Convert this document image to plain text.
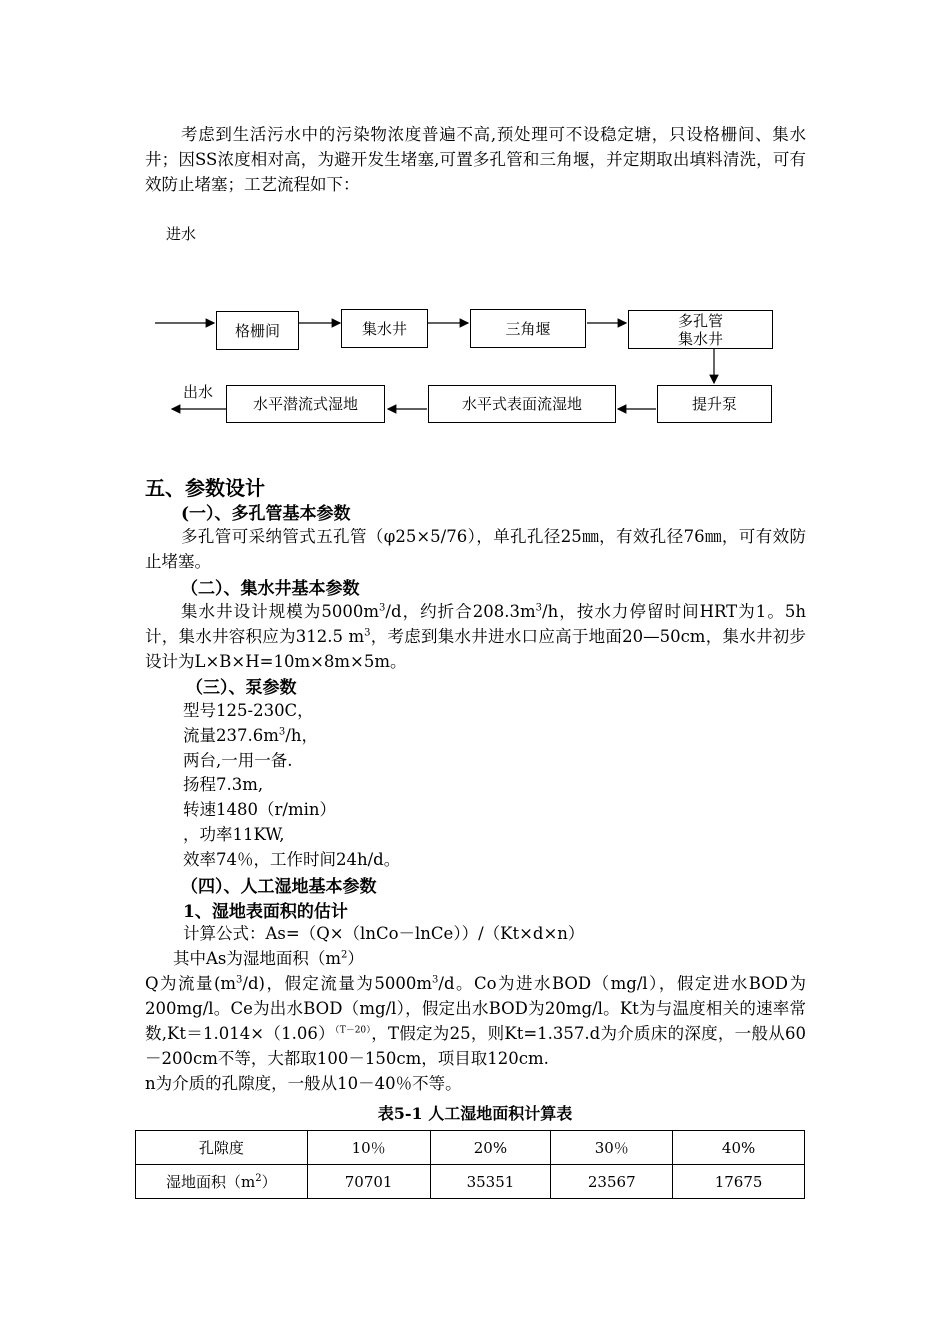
考虑到生活污水中的污染物浓度普遍不高,预处理可不设稳定塘，只设格栅间、集水井；因SS浓度相对高，为避开发生堵塞,可置多孔管和三角堰，并定期取出填料清洗，可有效防止堵塞；工艺流程如下：

进水
出水
格栅间	集水井	三角堰	多孔管
集水井
提升泵
水平式表面流湿地
水平潜流式湿地
五、参数设计
(一）、多孔管基本参数

多孔管可采纳管式五孔管（φ25×5/76），单孔孔径25㎜，有效孔径76㎜，可有效防止堵塞。

（二）、集水井基本参数

集水井设计规模为$5000m^3/d$，约折合$208.3m^3/h$，按水力停留时间HRT为1。5h计，集水井容积应为312.5 $m^3$，考虑到集水井进水口应高于地面20—50cm，集水井初步设计为L×B×H=10m×8m×5m。

（三）、泵参数
型号125-230C，
流量$237.6m^3/h$，
两台,一用一备.
扬程7.3m,
转速1480（r/min）
，功率11KW,
效率74％，工作时间24h/d。
（四）、人工湿地基本参数
1、湿地表面积的估计
计算公式：As=（Q×（lnCo－lnCe））/（Kt×d×n）
其中As为湿地面积$(m^2)$

Q为流量$(m^3/d)$，假定流量为$5000m^3/d$。Co为进水BOD（mg/l），假定进水BOD为200mg/l。Ce为出水BOD（mg/l），假定出水BOD为20mg/l。Kt为与温度相关的速率常数$,Kt=1.014\times(1.06)^{(T-20)}$，T假定为25，则Kt=1.357.d为介质床的深度，一般从60－200cm不等，大都取100－150cm，项目取120cm.

n为介质的孔隙度，一般从10－40％不等。
表5-1 人工湿地面积计算表
孔隙度	10％	20%	30％	40%
湿地面积$(m^2)$	70701	35351	23567	17675
